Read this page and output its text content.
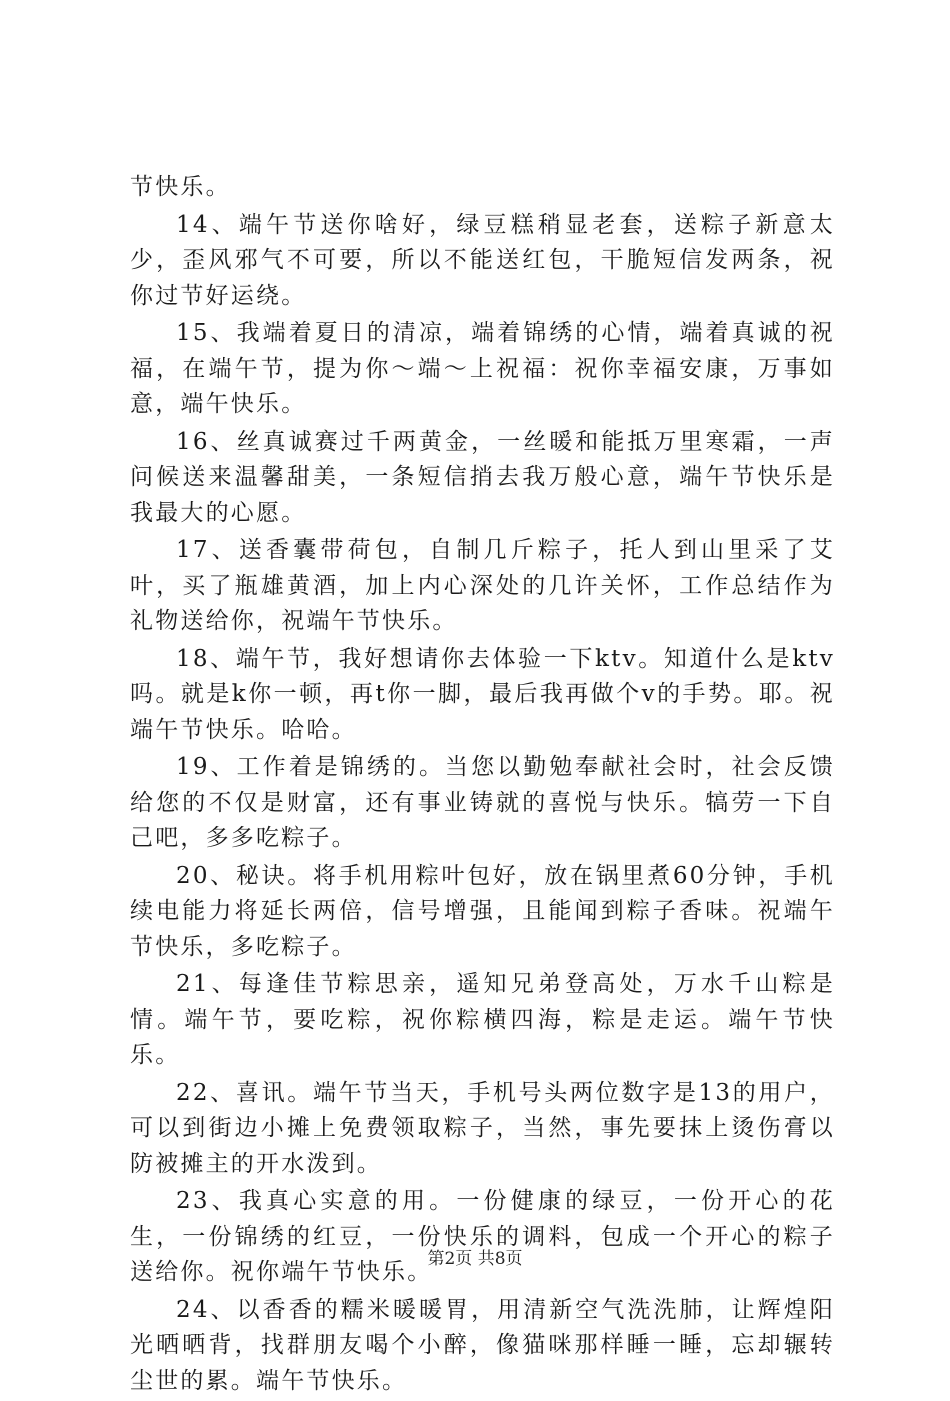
节快乐。

14、端午节送你啥好，绿豆糕稍显老套，送粽子新意太少，歪风邪气不可要，所以不能送红包，干脆短信发两条，祝你过节好运绕。

15、我端着夏日的清凉，端着锦绣的心情，端着真诚的祝福，在端午节，提为你～端～上祝福：祝你幸福安康，万事如意，端午快乐。

16、丝真诚赛过千两黄金，一丝暖和能抵万里寒霜，一声问候送来温馨甜美，一条短信捎去我万般心意，端午节快乐是我最大的心愿。

17、送香囊带荷包，自制几斤粽子，托人到山里采了艾叶，买了瓶雄黄酒，加上内心深处的几许关怀，工作总结作为礼物送给你，祝端午节快乐。

18、端午节，我好想请你去体验一下ktv。知道什么是ktv吗。就是k你一顿，再t你一脚，最后我再做个v的手势。耶。祝端午节快乐。哈哈。

19、工作着是锦绣的。当您以勤勉奉献社会时，社会反馈给您的不仅是财富，还有事业铸就的喜悦与快乐。犒劳一下自己吧，多多吃粽子。

20、秘诀。将手机用粽叶包好，放在锅里煮60分钟，手机续电能力将延长两倍，信号增强，且能闻到粽子香味。祝端午节快乐，多吃粽子。

21、每逢佳节粽思亲，遥知兄弟登高处，万水千山粽是情。端午节，要吃粽，祝你粽横四海，粽是走运。端午节快乐。

22、喜讯。端午节当天，手机号头两位数字是13的用户，可以到街边小摊上免费领取粽子，当然，事先要抹上烫伤膏以防被摊主的开水泼到。

23、我真心实意的用。一份健康的绿豆，一份开心的花生，一份锦绣的红豆，一份快乐的调料，包成一个开心的粽子送给你。祝你端午节快乐。

24、以香香的糯米暖暖胃，用清新空气洗洗肺，让辉煌阳光晒晒背，找群朋友喝个小醉，像猫咪那样睡一睡，忘却辗转尘世的累。端午节快乐。

第2页 共8页
